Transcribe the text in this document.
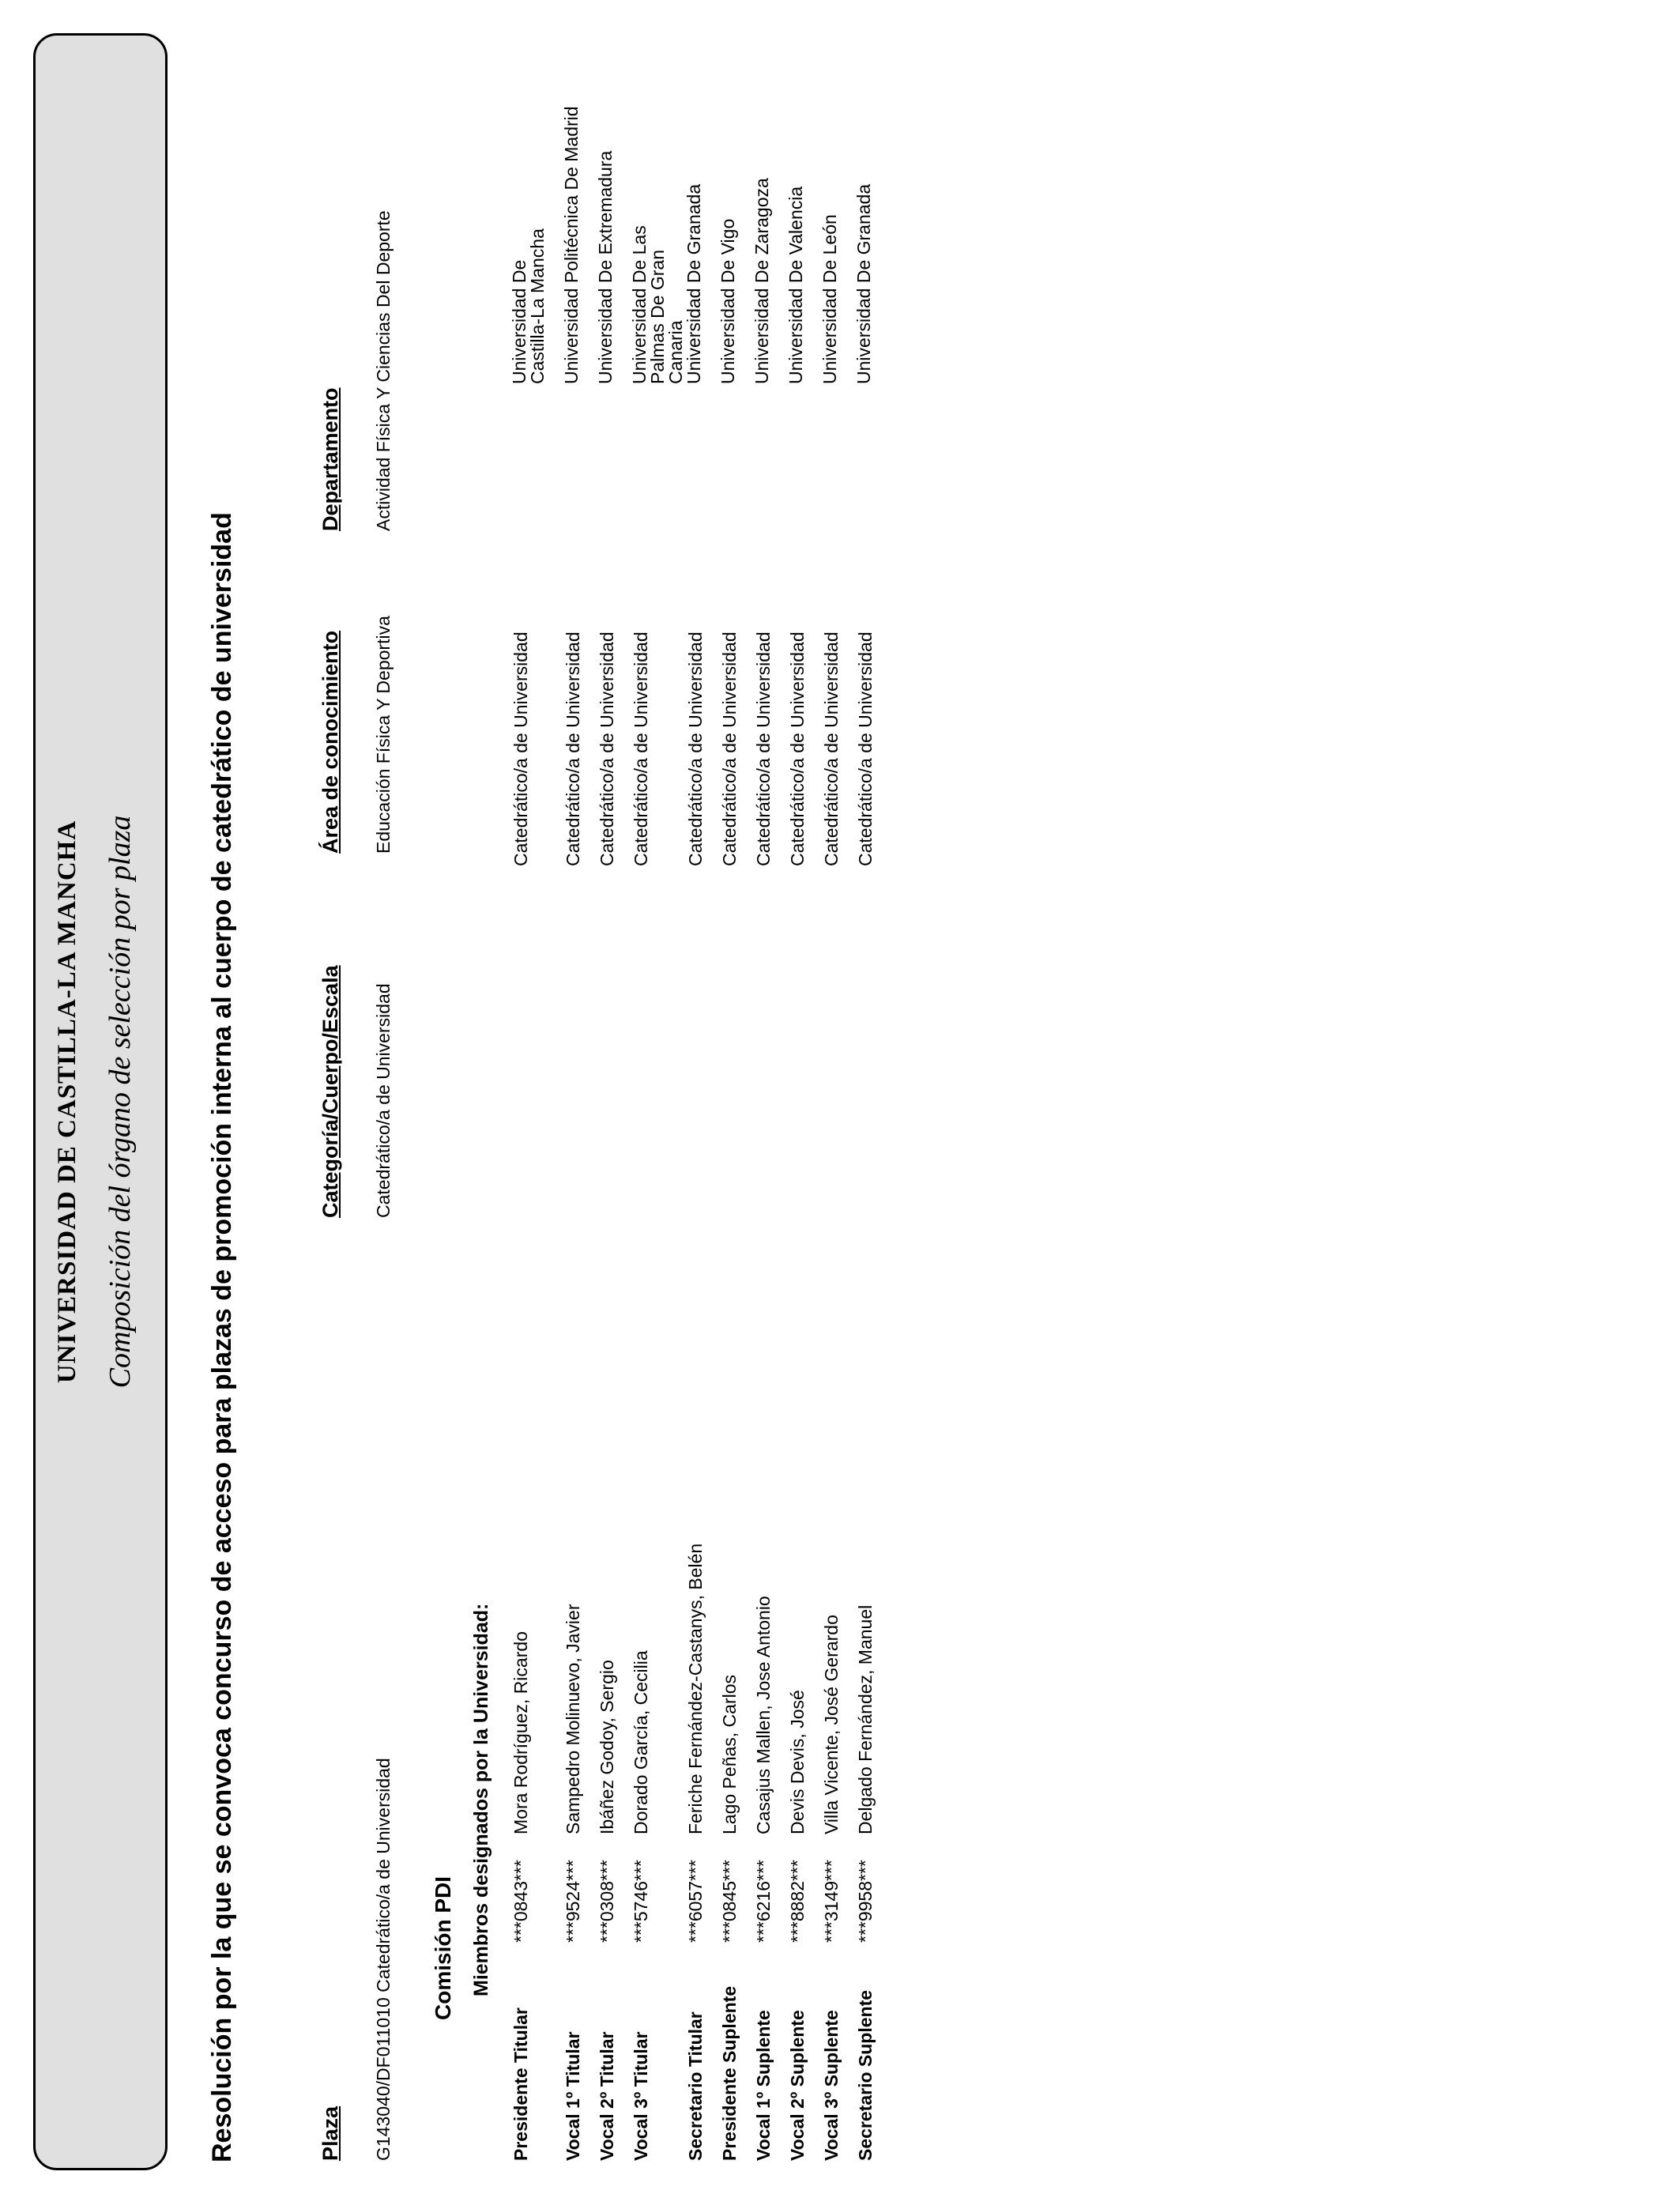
UNIVERSIDAD DE CASTILLA-LA MANCHA Composición del órgano de selección por plaza	Resolución por la que se convoca concurso de acceso para plazas de promoción interna al cuerpo de catedrático de universidad	Plaza
Categoría/Cuerpo/Escala
Área de conocimiento
Departamento
G143040/DF011010 Catedrático/a de Universidad
Catedrático/a de Universidad
Educación Física Y Deportiva
Actividad Física Y Ciencias Del Deporte
Comisión PDI Miembros designados por la Universidad:
Presidente Titular
***0843***
Mora Rodríguez, Ricardo
Catedrático/a de Universidad
Universidad De Castilla-La Mancha
Vocal 1º Titular
***9524***
Sampedro Molinuevo, Javier
Catedrático/a de Universidad
Universidad Politécnica De Madrid
Vocal 2º Titular
***0308***
Ibáñez Godoy, Sergio
Catedrático/a de Universidad
Universidad De Extremadura
Vocal 3º Titular
***5746***
Dorado García, Cecilia
Catedrático/a de Universidad
Universidad De Las Palmas De Gran Canaria
Secretario Titular
***6057***
Feriche Fernández-Castanys, Belén
Catedrático/a de Universidad
Universidad De Granada
Presidente Suplente
***0845***
Lago Peñas, Carlos
Catedrático/a de Universidad
Universidad De Vigo
Vocal 1º Suplente
***6216***
Casajus Mallen, Jose Antonio
Catedrático/a de Universidad
Universidad De Zaragoza
Vocal 2º Suplente
***8882***
Devis Devis, José
Catedrático/a de Universidad
Universidad De Valencia
Vocal 3º Suplente
***3149***
Villa Vicente, José Gerardo
Catedrático/a de Universidad
Universidad De León
Secretario Suplente
***9958***
Delgado Fernández, Manuel
Catedrático/a de Universidad
Universidad De Granada
